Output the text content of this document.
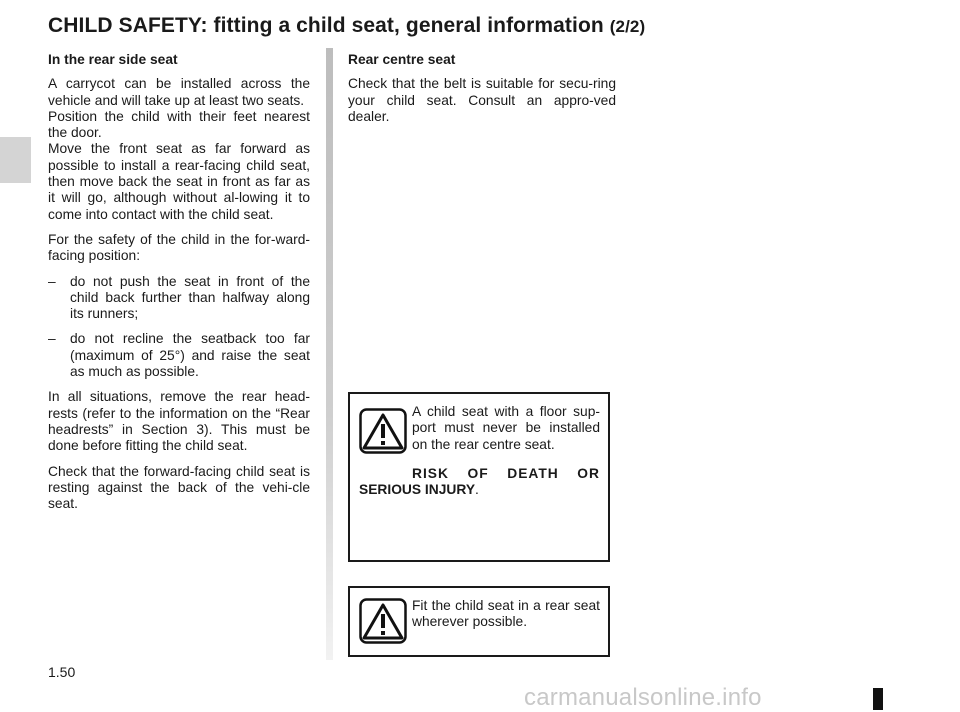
CHILD SAFETY: fitting a child seat, general information (2/2)

In the rear side seat

A carrycot can be installed across the vehicle and will take up at least two seats.

Position the child with their feet nearest the door.

Move the front seat as far forward as possible to install a rear-facing child seat, then move back the seat in front as far as it will go, although without al-lowing it to come into contact with the child seat.

For the safety of the child in the for-ward-facing position:

–	do not push the seat in front of the child back further than halfway along its runners;
–	do not recline the seatback too far (maximum of 25°) and raise the seat as much as possible.

In all situations, remove the rear head-rests (refer to the information on the “Rear headrests” in Section 3). This must be done before fitting the child seat.

Check that the forward-facing child seat is resting against the back of the vehi-cle seat.

Rear centre seat

Check that the belt is suitable for secu-ring your child seat. Consult an appro-ved dealer.

A child seat with a floor sup-port must never be installed on the rear centre seat.

RISK OF DEATH OR
SERIOUS INJURY.

Fit the child seat in a rear seat wherever possible.

1.50
carmanualsonline.info
